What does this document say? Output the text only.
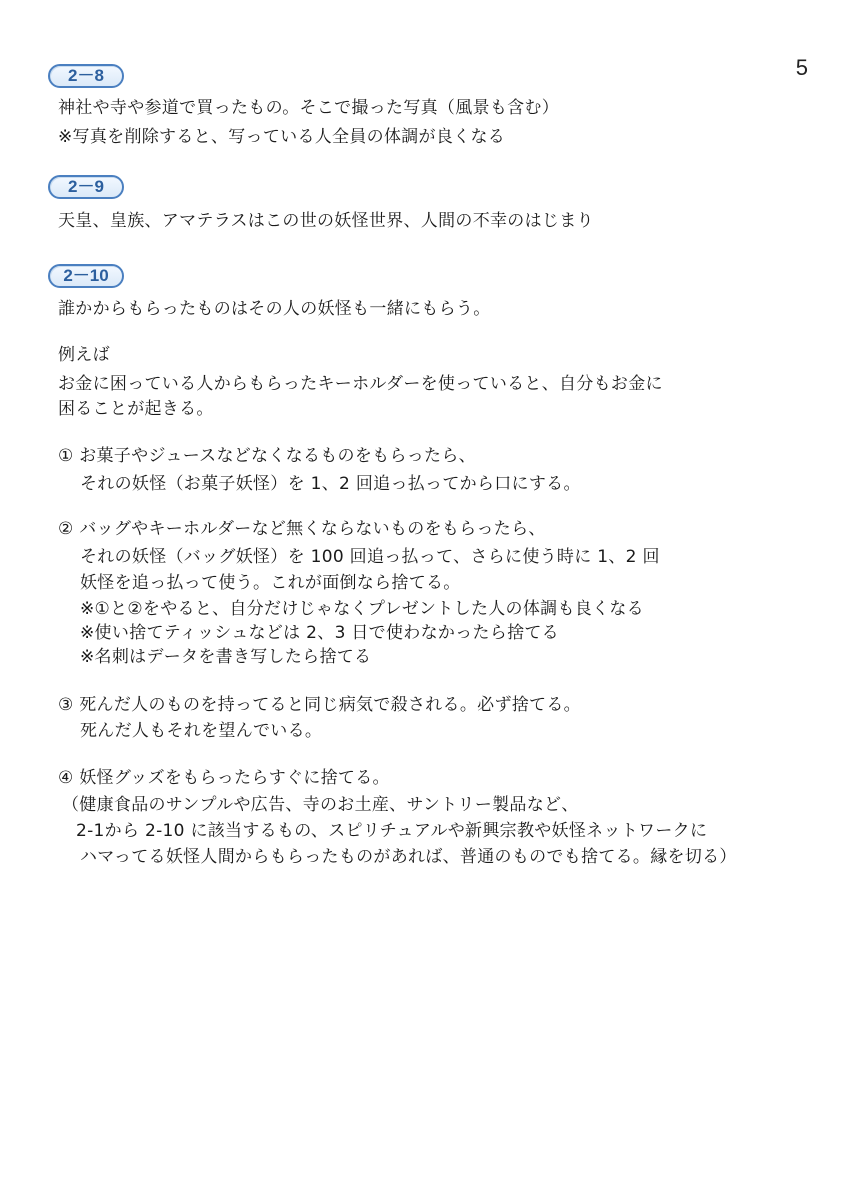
5
2－8
神社や寺や参道で買ったもの。そこで撮った写真（風景も含む）
※写真を削除すると、写っている人全員の体調が良くなる
2－9
天皇、皇族、アマテラスはこの世の妖怪世界、人間の不幸のはじまり
2－10
誰かからもらったものはその人の妖怪も一緒にもらう。
例えば
お金に困っている人からもらったキーホルダーを使っていると、自分もお金に
困ることが起きる。
① お菓子やジュースなどなくなるものをもらったら、
それの妖怪（お菓子妖怪）を 1、2 回追っ払ってから口にする。
② バッグやキーホルダーなど無くならないものをもらったら、
それの妖怪（バッグ妖怪）を 100 回追っ払って、さらに使う時に 1、2 回
妖怪を追っ払って使う。これが面倒なら捨てる。
※①と②をやると、自分だけじゃなくプレゼントした人の体調も良くなる
※使い捨てティッシュなどは 2、3 日で使わなかったら捨てる
※名刺はデータを書き写したら捨てる
③ 死んだ人のものを持ってると同じ病気で殺される。必ず捨てる。
死んだ人もそれを望んでいる。
④ 妖怪グッズをもらったらすぐに捨てる。
（健康食品のサンプルや広告、寺のお土産、サントリー製品など、
2-1から 2-10 に該当するもの、スピリチュアルや新興宗教や妖怪ネットワークに
ハマってる妖怪人間からもらったものがあれば、普通のものでも捨てる。縁を切る）
